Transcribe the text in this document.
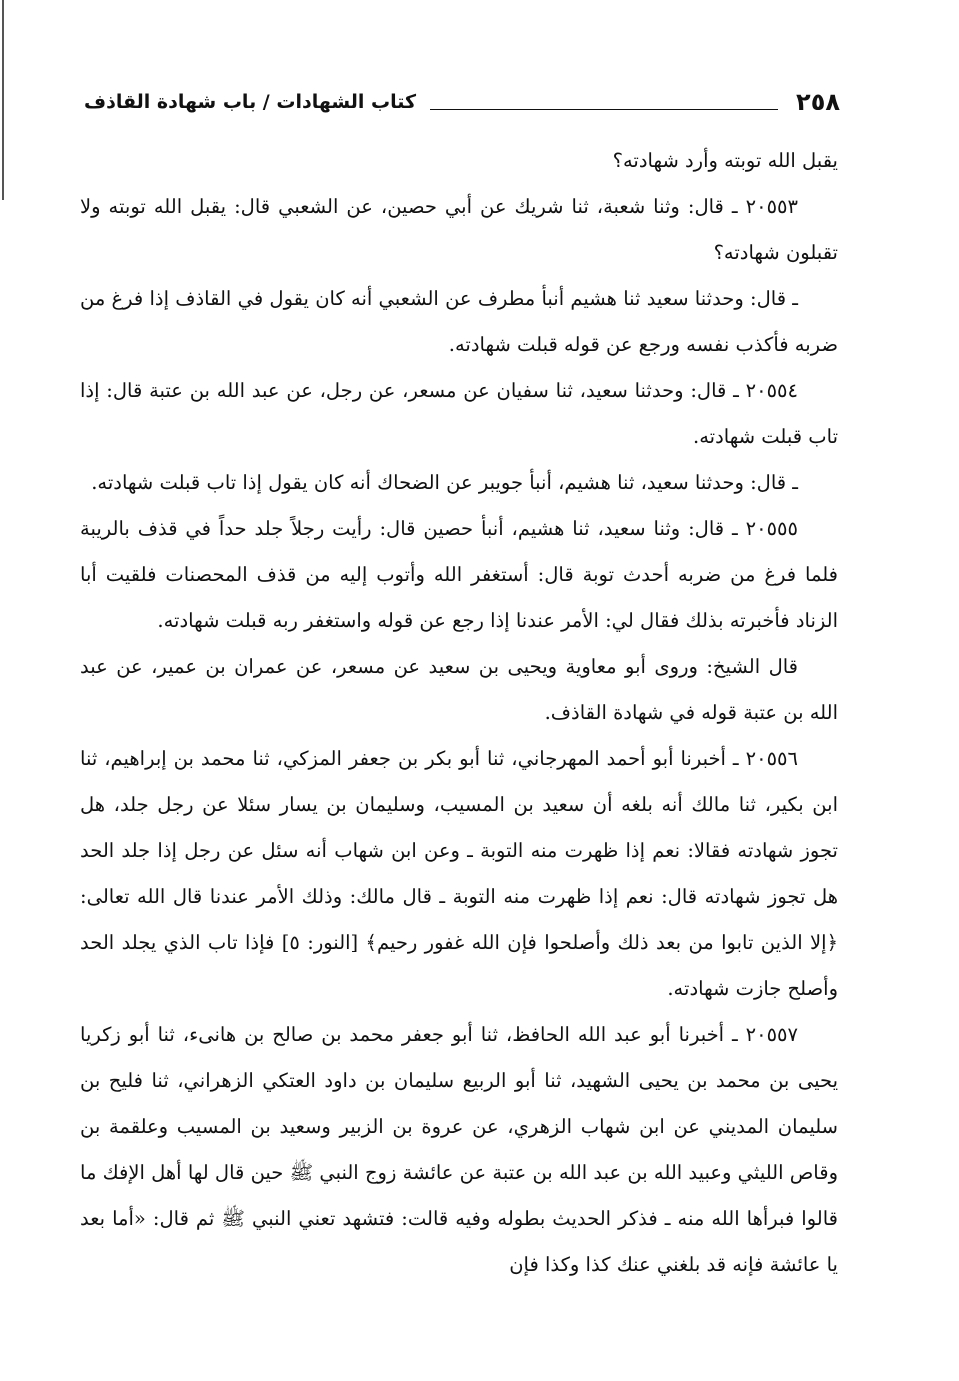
٢٥٨
كتاب الشهادات / باب شهادة القاذف

يقبل الله توبته وأرد شهادته؟

٢٠٥٥٣ ـ قال: وثنا شعبة، ثنا شريك عن أبي حصين، عن الشعبي قال: يقبل الله توبته ولا تقبلون شهادته؟

ـ قال: وحدثنا سعيد ثنا هشيم أنبأ مطرف عن الشعبي أنه كان يقول في القاذف إذا فرغ من ضربه فأكذب نفسه ورجع عن قوله قبلت شهادته.

٢٠٥٥٤ ـ قال: وحدثنا سعيد، ثنا سفيان عن مسعر، عن رجل، عن عبد الله بن عتبة قال: إذا تاب قبلت شهادته.

ـ قال: وحدثنا سعيد، ثنا هشيم، أنبأ جويبر عن الضحاك أنه كان يقول إذا تاب قبلت شهادته.

٢٠٥٥٥ ـ قال: وثنا سعيد، ثنا هشيم، أنبأ حصين قال: رأيت رجلاً جلد حداً في قذف بالريبة فلما فرغ من ضربه أحدث توبة قال: أستغفر الله وأتوب إليه من قذف المحصنات فلقيت أبا الزناد فأخبرته بذلك فقال لي: الأمر عندنا إذا رجع عن قوله واستغفر ربه قبلت شهادته.

قال الشيخ: وروى أبو معاوية ويحيى بن سعيد عن مسعر، عن عمران بن عمير، عن عبد الله بن عتبة قوله في شهادة القاذف.

٢٠٥٥٦ ـ أخبرنا أبو أحمد المهرجاني، ثنا أبو بكر بن جعفر المزكي، ثنا محمد بن إبراهيم، ثنا ابن بكير، ثنا مالك أنه بلغه أن سعيد بن المسيب، وسليمان بن يسار سئلا عن رجل جلد، هل تجوز شهادته فقالا: نعم إذا ظهرت منه التوبة ـ وعن ابن شهاب أنه سئل عن رجل إذا جلد الحد هل تجوز شهادته قال: نعم إذا ظهرت منه التوبة ـ قال مالك: وذلك الأمر عندنا قال الله تعالى: ﴿إلا الذين تابوا من بعد ذلك وأصلحوا فإن الله غفور رحيم﴾ [النور: ٥] فإذا تاب الذي يجلد الحد وأصلح جازت شهادته.

٢٠٥٥٧ ـ أخبرنا أبو عبد الله الحافظ، ثنا أبو جعفر محمد بن صالح بن هانىء، ثنا أبو زكريا يحيى بن محمد بن يحيى الشهيد، ثنا أبو الربيع سليمان بن داود العتكي الزهراني، ثنا فليح بن سليمان المديني عن ابن شهاب الزهري، عن عروة بن الزبير وسعيد بن المسيب وعلقمة بن وقاص الليثي وعبيد الله بن عبد الله بن عتبة عن عائشة زوج النبي ﷺ حين قال لها أهل الإفك ما قالوا فبرأها الله منه ـ فذكر الحديث بطوله وفيه قالت: فتشهد تعني النبي ﷺ ثم قال: «أما بعد يا عائشة فإنه قد بلغني عنك كذا وكذا فإن
